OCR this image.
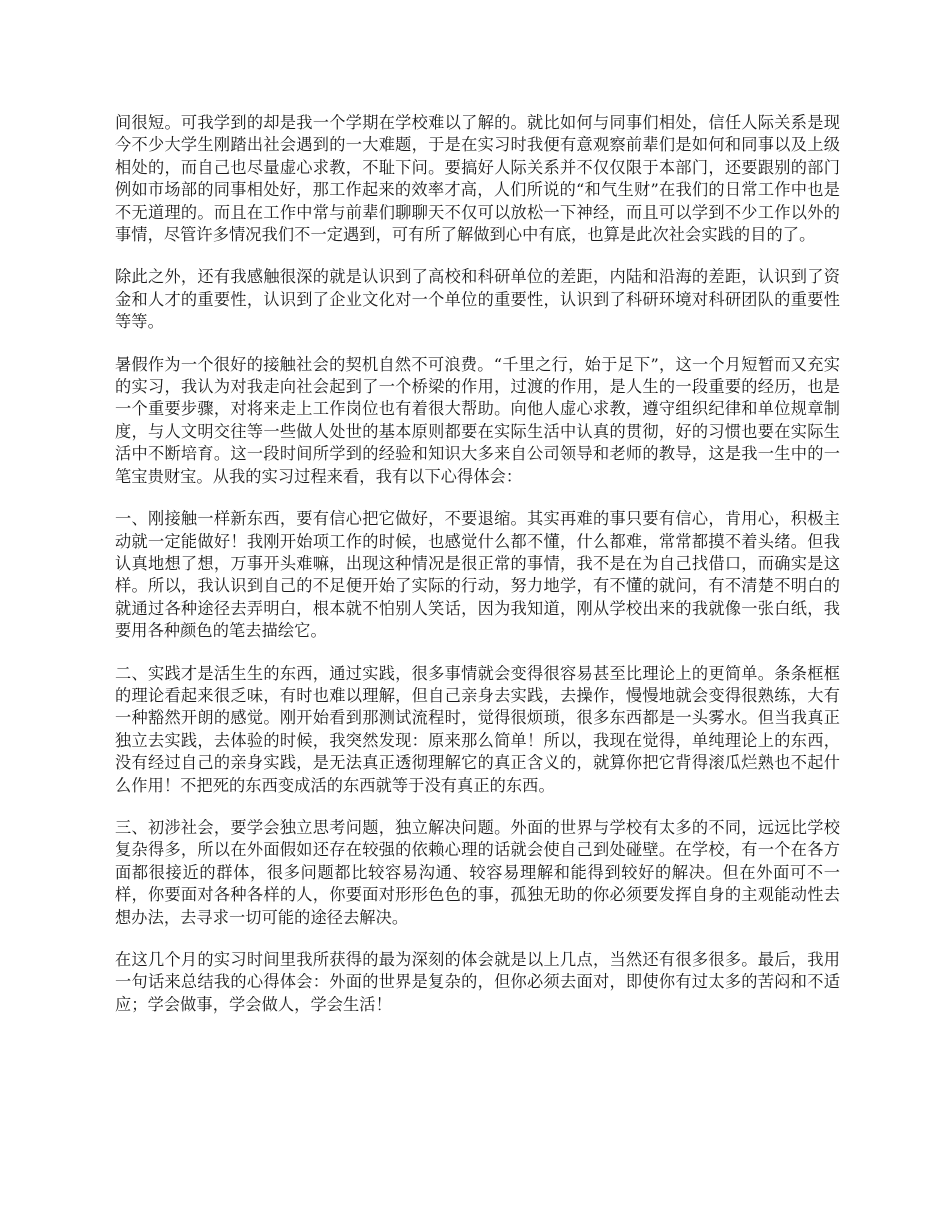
间很短。可我学到的却是我一个学期在学校难以了解的。就比如何与同事们相处，信任人际关系是现今不少大学生刚踏出社会遇到的一大难题，于是在实习时我便有意观察前辈们是如何和同事以及上级相处的，而自己也尽量虚心求教，不耻下问。要搞好人际关系并不仅仅限于本部门，还要跟别的部门例如市场部的同事相处好，那工作起来的效率才高，人们所说的“和气生财”在我们的日常工作中也是不无道理的。而且在工作中常与前辈们聊聊天不仅可以放松一下神经，而且可以学到不少工作以外的事情，尽管许多情况我们不一定遇到，可有所了解做到心中有底，也算是此次社会实践的目的了。

除此之外，还有我感触很深的就是认识到了高校和科研单位的差距，内陆和沿海的差距，认识到了资金和人才的重要性，认识到了企业文化对一个单位的重要性，认识到了科研环境对科研团队的重要性等等。

暑假作为一个很好的接触社会的契机自然不可浪费。“千里之行，始于足下”，这一个月短暂而又充实的实习，我认为对我走向社会起到了一个桥梁的作用，过渡的作用，是人生的一段重要的经历，也是一个重要步骤，对将来走上工作岗位也有着很大帮助。向他人虚心求教，遵守组织纪律和单位规章制度，与人文明交往等一些做人处世的基本原则都要在实际生活中认真的贯彻，好的习惯也要在实际生活中不断培育。这一段时间所学到的经验和知识大多来自公司领导和老师的教导，这是我一生中的一笔宝贵财宝。从我的实习过程来看，我有以下心得体会：

一、刚接触一样新东西，要有信心把它做好，不要退缩。其实再难的事只要有信心，肯用心，积极主动就一定能做好！我刚开始项工作的时候，也感觉什么都不懂，什么都难，常常都摸不着头绪。但我认真地想了想，万事开头难嘛，出现这种情况是很正常的事情，我不是在为自己找借口，而确实是这样。所以，我认识到自己的不足便开始了实际的行动，努力地学，有不懂的就问，有不清楚不明白的就通过各种途径去弄明白，根本就不怕别人笑话，因为我知道，刚从学校出来的我就像一张白纸，我要用各种颜色的笔去描绘它。

二、实践才是活生生的东西，通过实践，很多事情就会变得很容易甚至比理论上的更简单。条条框框的理论看起来很乏味，有时也难以理解，但自己亲身去实践，去操作，慢慢地就会变得很熟练，大有一种豁然开朗的感觉。刚开始看到那测试流程时，觉得很烦琐，很多东西都是一头雾水。但当我真正独立去实践，去体验的时候，我突然发现：原来那么简单！所以，我现在觉得，单纯理论上的东西，没有经过自己的亲身实践，是无法真正透彻理解它的真正含义的，就算你把它背得滚瓜烂熟也不起什么作用！不把死的东西变成活的东西就等于没有真正的东西。

三、初涉社会，要学会独立思考问题，独立解决问题。外面的世界与学校有太多的不同，远远比学校复杂得多，所以在外面假如还存在较强的依赖心理的话就会使自己到处碰壁。在学校，有一个在各方面都很接近的群体，很多问题都比较容易沟通、较容易理解和能得到较好的解决。但在外面可不一样，你要面对各种各样的人，你要面对形形色色的事，孤独无助的你必须要发挥自身的主观能动性去想办法，去寻求一切可能的途径去解决。

在这几个月的实习时间里我所获得的最为深刻的体会就是以上几点，当然还有很多很多。最后，我用一句话来总结我的心得体会：外面的世界是复杂的，但你必须去面对，即使你有过太多的苦闷和不适应；学会做事，学会做人，学会生活！
